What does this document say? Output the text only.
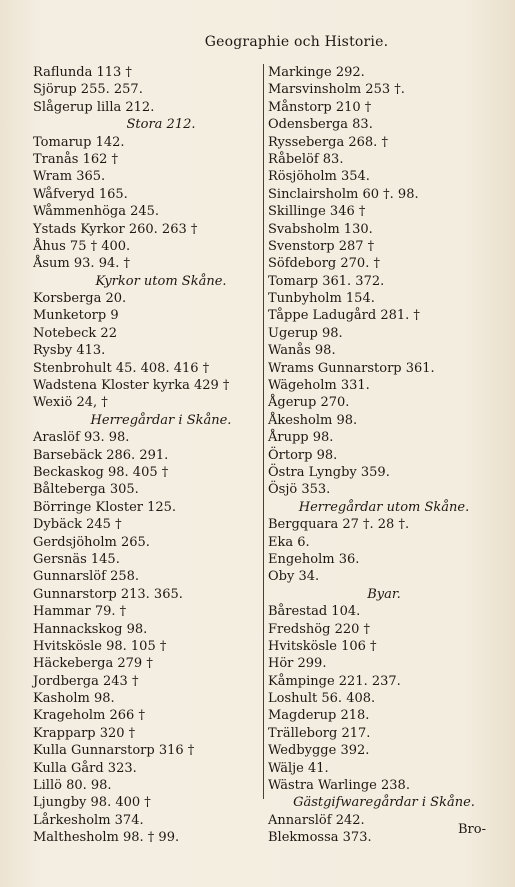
Geographie och Historie.
Raflunda 113 †
Sjörup 255. 257.
Slågerup lilla 212.
Stora 212.
Tomarup 142.
Tranås 162 †
Wram 365.
Wåfveryd 165.
Wåmmenhöga 245.
Ystads Kyrkor 260. 263 †
Åhus 75 † 400.
Åsum 93. 94. †
Kyrkor utom Skåne.
Korsberga 20.
Munketorp 9
Notebeck 22
Rysby 413.
Stenbrohult 45. 408. 416 †
Wadstena Kloster kyrka 429 †
Wexiö 24, †
Herregårdar i Skåne.
Araslöf 93. 98.
Barsebäck 286. 291.
Beckaskog 98. 405 †
Bålteberga 305.
Börringe Kloster 125.
Dybäck 245 †
Gerdsjöholm 265.
Gersnäs 145.
Gunnarslöf 258.
Gunnarstorp 213. 365.
Hammar 79. †
Hannackskog 98.
Hvitskösle 98. 105 †
Häckeberga 279 †
Jordberga 243 †
Kasholm 98.
Krageholm 266 †
Krapparp 320 †
Kulla Gunnarstorp 316 †
Kulla Gård 323.
Lillö 80. 98.
Ljungby 98. 400 †
Lårkesholm 374.
Malthesholm 98. † 99.
Markinge 292.
Marsvinsholm 253 †.
Månstorp 210 †
Odensberga 83.
Rysseberga 268. †
Råbelöf 83.
Rösjöholm 354.
Sinclairsholm 60 †. 98.
Skillinge 346 †
Svabsholm 130.
Svenstorp 287 †
Söfdeborg 270. †
Tomarp 361. 372.
Tunbyholm 154.
Tåppe Ladugård 281. †
Ugerup 98.
Wanås 98.
Wrams Gunnarstorp 361.
Wägeholm 331.
Ågerup 270.
Åkesholm 98.
Årupp 98.
Örtorp 98.
Östra Lyngby 359.
Ösjö 353.
Herregårdar utom Skåne.
Bergquara 27 †. 28 †.
Eka 6.
Engeholm 36.
Oby 34.
Byar.
Bårestad 104.
Fredshög 220 †
Hvitskösle 106 †
Hör 299.
Kåmpinge 221. 237.
Loshult 56. 408.
Magderup 218.
Trälleborg 217.
Wedbygge 392.
Wälje 41.
Wästra Warlinge 238.
Gästgifwaregårdar i Skåne.
Annarslöf 242.
Blekmossa 373.
Bro-
